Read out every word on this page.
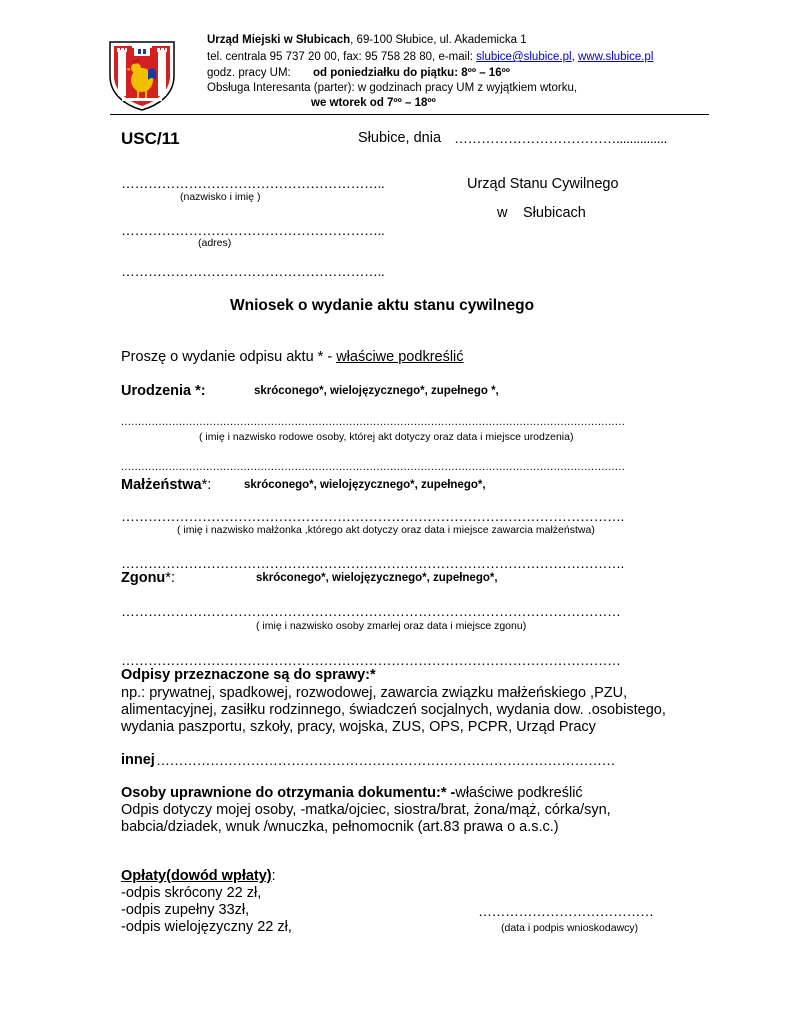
Urząd Miejski w Słubicach, 69-100 Słubice, ul. Akademicka 1
tel. centrala 95 737 20 00, fax: 95 758 28 80, e-mail: slubice@slubice.pl, www.slubice.pl
godz. pracy UM: od poniedziałku do piątku: 8ºº – 16ºº
Obsługa Interesanta (parter): w godzinach pracy UM z wyjątkiem wtorku,
we wtorek od 7ºº – 18ºº
USC/11	Słubice, dnia ………………………………...............
…………………………………………………..
(nazwisko i imię )
Urząd Stanu Cywilnego
w Słubicach
…………………………………………………..
(adres)
…………………………………………………..
Wniosek o wydanie aktu stanu cywilnego
Proszę o wydanie odpisu aktu * - właściwe podkreślić
Urodzenia *:	skróconego*, wielojęzycznego*, zupełnego *,
....................................................................................................................................................
( imię i nazwisko rodowe osoby, której akt dotyczy oraz data i miejsce urodzenia)
....................................................................................................................................................
Małżeństwa*:	skróconego*, wielojęzycznego*, zupełnego*,
………………………………………………………………………………………………….
( imię i nazwisko małżonka ,którego akt dotyczy oraz data i miejsce zawarcia małżeństwa)
………………………………………………………………………………………………….
Zgonu*:	skróconego*, wielojęzycznego*, zupełnego*,
…………………………………………………………………………………………………
( imię i nazwisko osoby zmarłej oraz data i miejsce zgonu)
…………………………………………………………………………………………………
Odpisy przeznaczone są do sprawy:*
np.: prywatnej, spadkowej, rozwodowej, zawarcia związku małżeńskiego ,PZU,
alimentacyjnej, zasiłku rodzinnego, świadczeń socjalnych, wydania dow. .osobistego,
wydania paszportu, szkoły, pracy, wojska, ZUS, OPS, PCPR, Urząd Pracy
innej …………………………………………………………………………………………
Osoby uprawnione do otrzymania dokumentu:* -właściwe podkreślić
Odpis dotyczy mojej osoby, -matka/ojciec, siostra/brat, żona/mąż, córka/syn,
babcia/dziadek, wnuk /wnuczka, pełnomocnik (art.83 prawa o a.s.c.)
Opłaty(dowód wpłaty):
-odpis skrócony 22 zł,
-odpis zupełny 33zł,
-odpis wielojęzyczny 22 zł,
…………………………………
(data i podpis wnioskodawcy)
